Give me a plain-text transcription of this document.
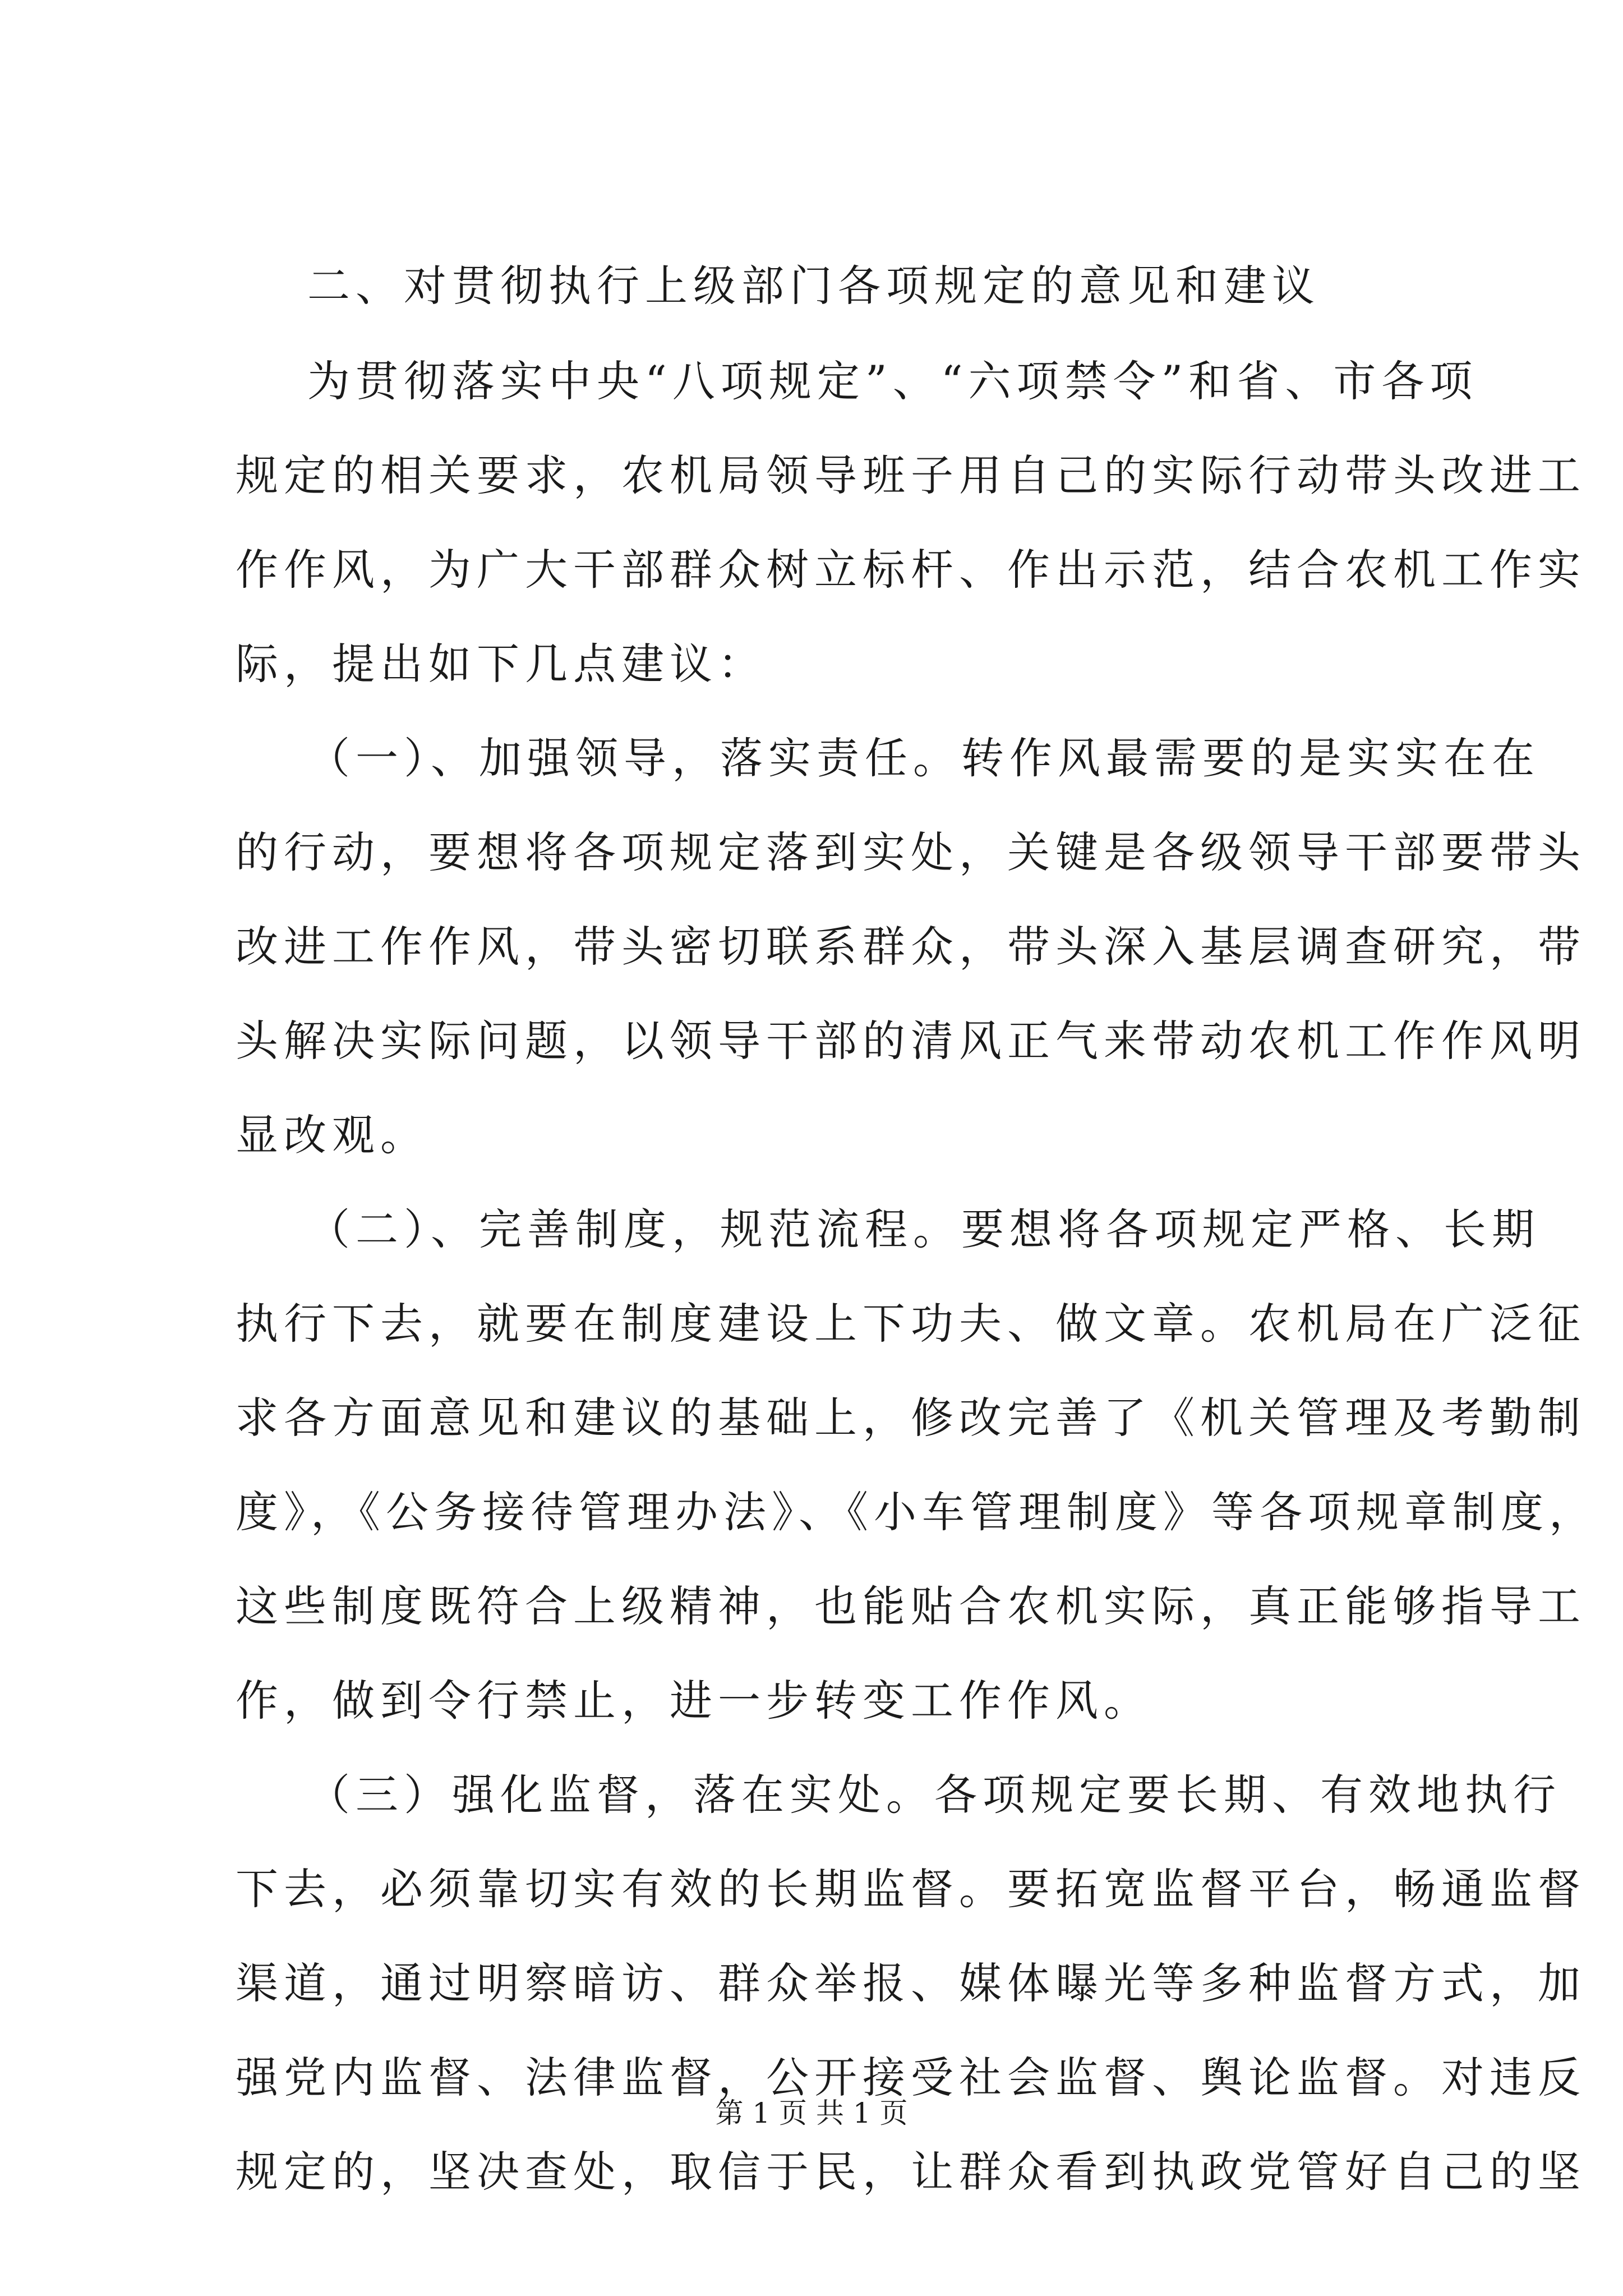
二、对贯彻执行上级部门各项规定的意见和建议
为贯彻落实中央“八项规定”、“六项禁令”和省、市各项
规定的相关要求，农机局领导班子用自己的实际行动带头改进工
作作风，为广大干部群众树立标杆、作出示范，结合农机工作实
际，提出如下几点建议：
（一）、加强领导，落实责任。转作风最需要的是实实在在
的行动，要想将各项规定落到实处，关键是各级领导干部要带头
改进工作作风，带头密切联系群众，带头深入基层调查研究，带
头解决实际问题，以领导干部的清风正气来带动农机工作作风明
显改观。
（二）、完善制度，规范流程。要想将各项规定严格、长期
执行下去，就要在制度建设上下功夫、做文章。农机局在广泛征
求各方面意见和建议的基础上，修改完善了《机关管理及考勤制
度》，《公务接待管理办法》、《小车管理制度》等各项规章制度，
这些制度既符合上级精神，也能贴合农机实际，真正能够指导工
作，做到令行禁止，进一步转变工作作风。
（三）强化监督，落在实处。各项规定要长期、有效地执行
下去，必须靠切实有效的长期监督。要拓宽监督平台，畅通监督
渠道，通过明察暗访、群众举报、媒体曝光等多种监督方式，加
强党内监督、法律监督，公开接受社会监督、舆论监督。对违反
规定的，坚决查处，取信于民，让群众看到执政党管好自己的坚
第 1 页 共 1 页
